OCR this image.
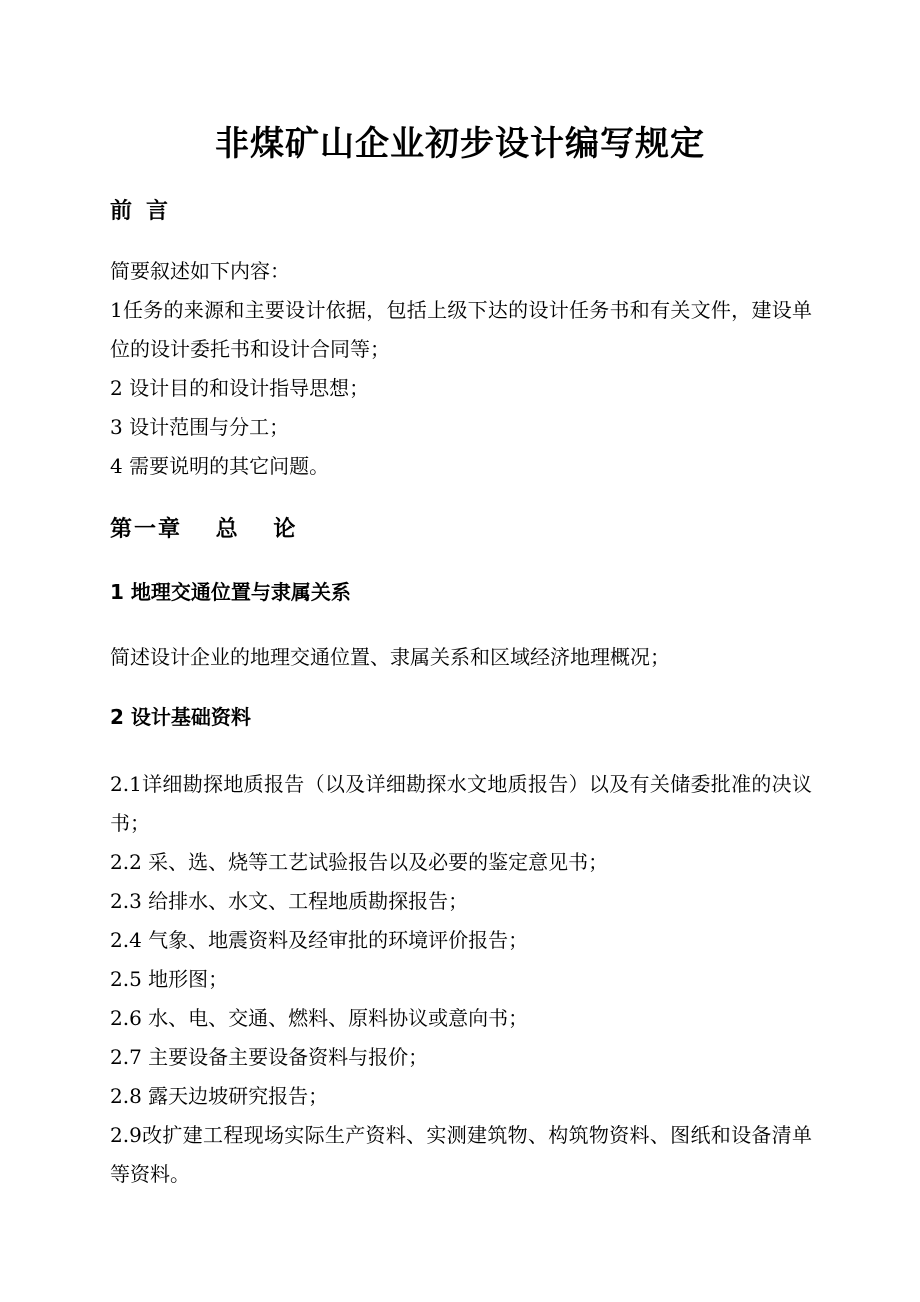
非煤矿山企业初步设计编写规定
前言

简要叙述如下内容：

1任务的来源和主要设计依据，包括上级下达的设计任务书和有关文件，建设单位的设计委托书和设计合同等；

2 设计目的和设计指导思想；

3 设计范围与分工；

4 需要说明的其它问题。

第一章　 总　 论
1 地理交通位置与隶属关系

简述设计企业的地理交通位置、隶属关系和区域经济地理概况；

2 设计基础资料

2.1详细勘探地质报告（以及详细勘探水文地质报告）以及有关储委批准的决议书；

2.2 采、选、烧等工艺试验报告以及必要的鉴定意见书；

2.3 给排水、水文、工程地质勘探报告；

2.4 气象、地震资料及经审批的环境评价报告；

2.5 地形图；

2.6 水、电、交通、燃料、原料协议或意向书；

2.7 主要设备主要设备资料与报价；

2.8 露天边坡研究报告；

2.9改扩建工程现场实际生产资料、实测建筑物、构筑物资料、图纸和设备清单等资料。
